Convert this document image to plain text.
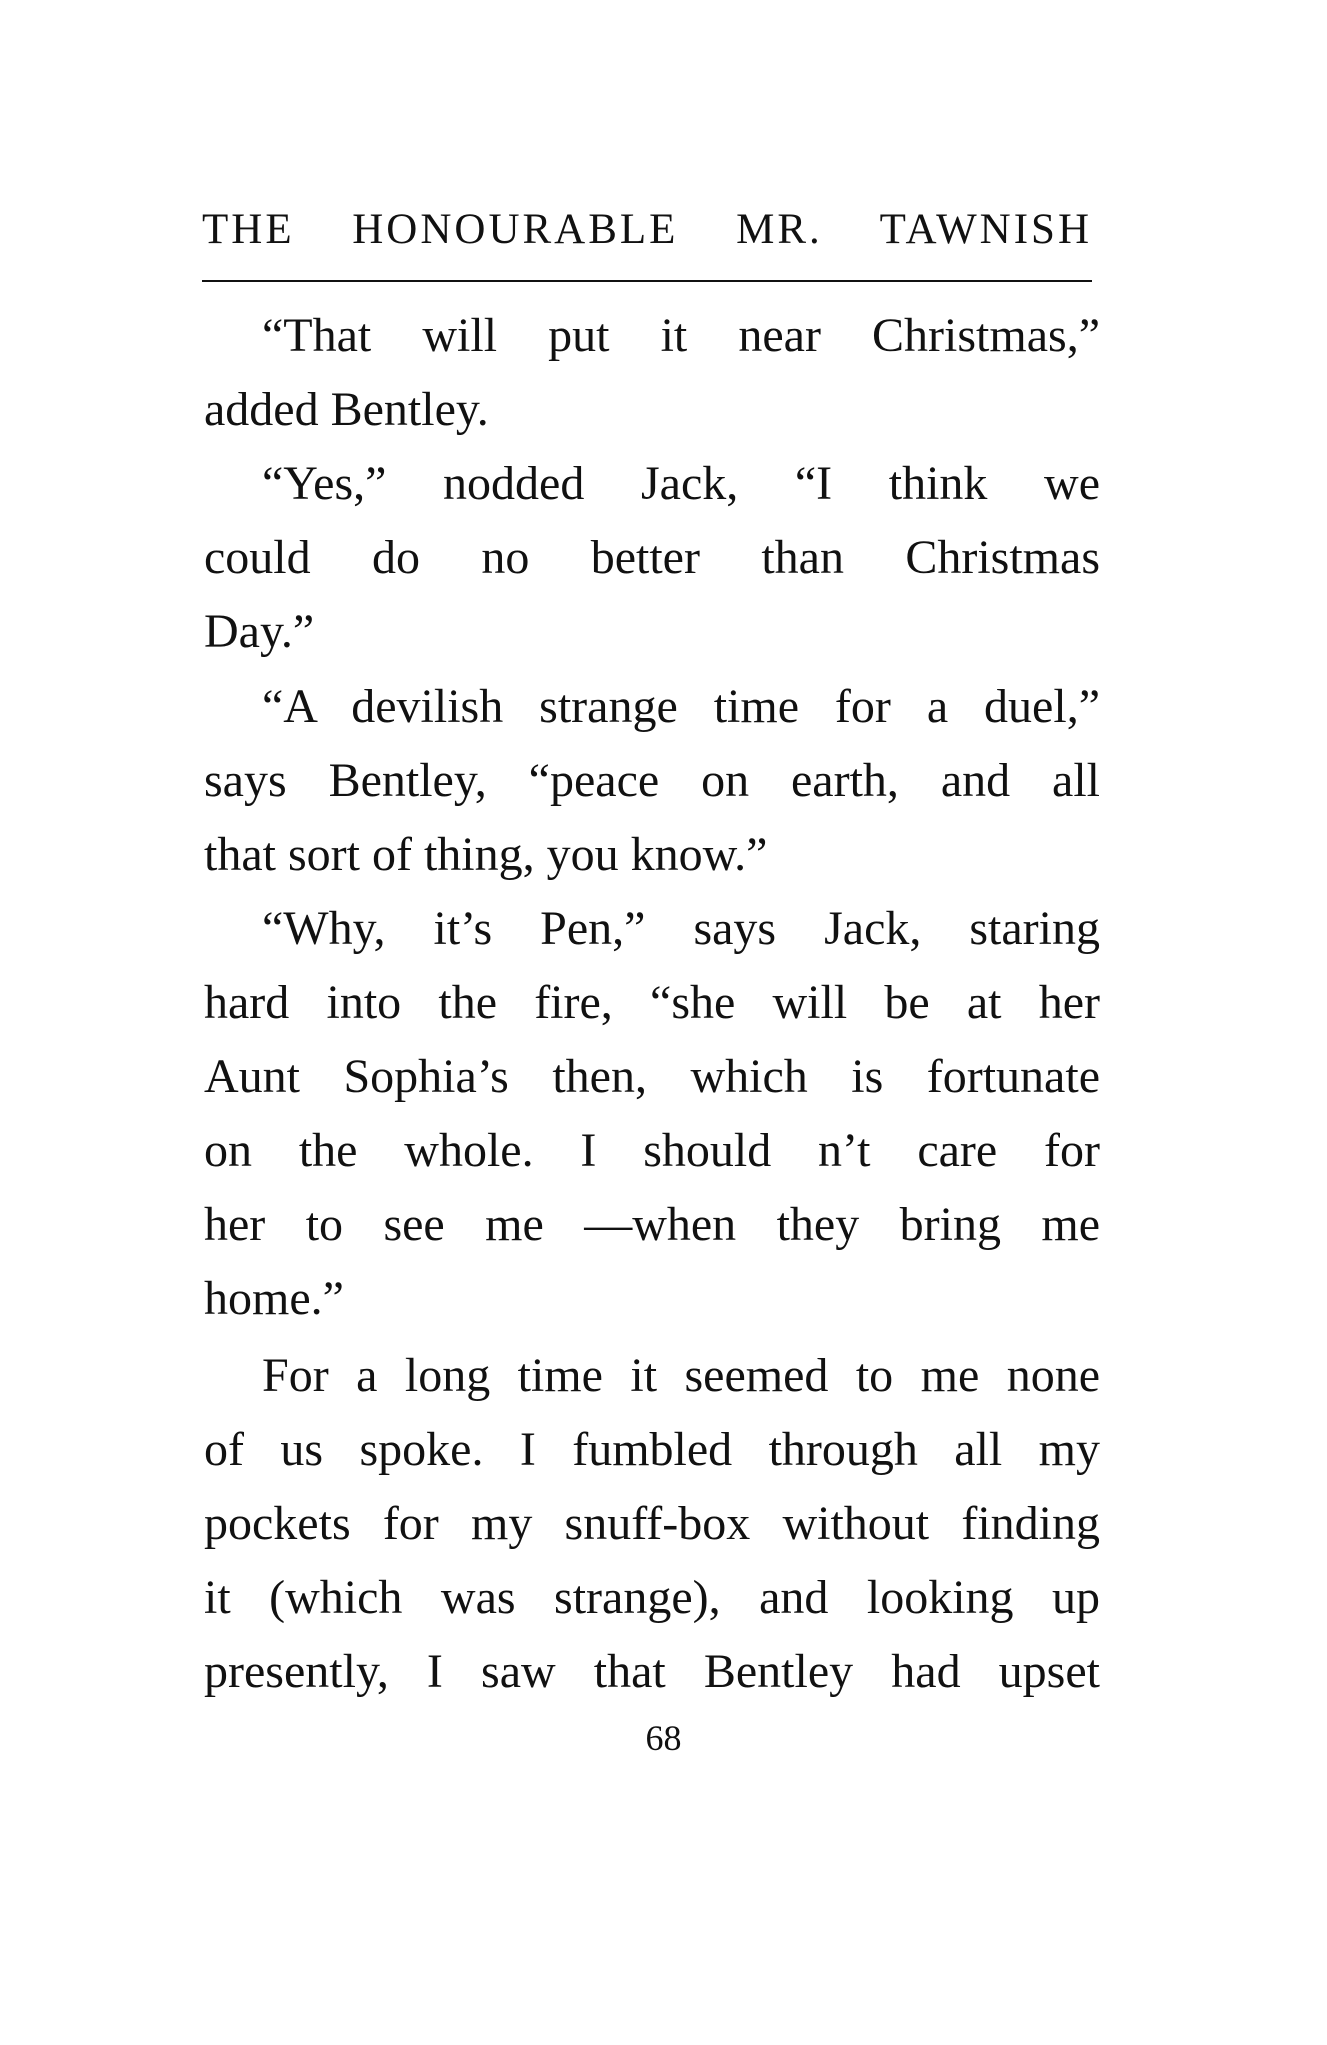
THE HONOURABLE MR. TAWNISH
“That will put it near Christmas,”
added Bentley.
“Yes,” nodded Jack, “I think we
could do no better than Christmas
Day.”
“A devilish strange time for a duel,”
says Bentley, “peace on earth, and all
that sort of thing, you know.”
“Why, it’s Pen,” says Jack, staring
hard into the fire, “she will be at her
Aunt Sophia’s then, which is fortunate
on the whole. I should n’t care for
her to see me —when they bring me
home.”
For a long time it seemed to me none
of us spoke. I fumbled through all my
pockets for my snuff-box without finding
it (which was strange), and looking up
presently, I saw that Bentley had upset
68
